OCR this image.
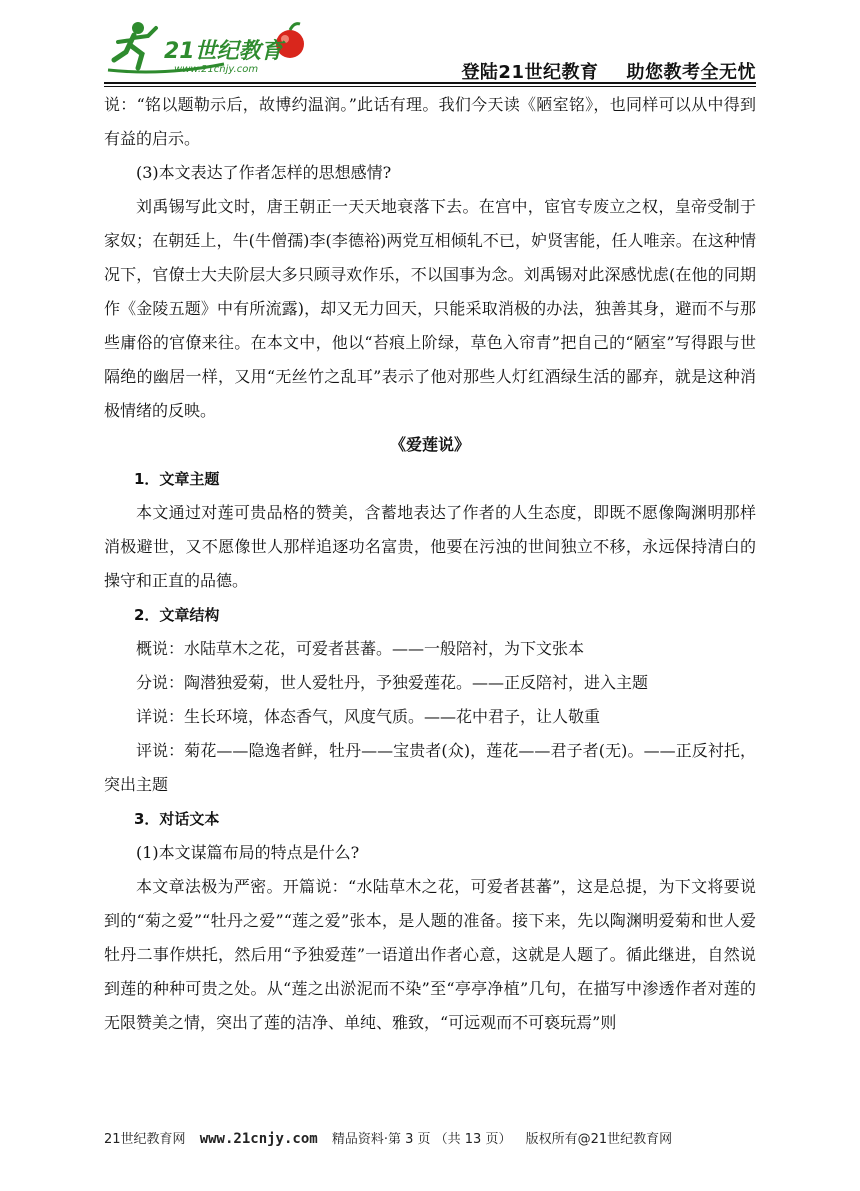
21世纪教育
www.21cnjy.com	登陆21世纪教育 助您教考全无忧

说：“铭以题勒示后，故博约温润。”此话有理。我们今天读《陋室铭》，也同样可以从中得到有益的启示。

(3)本文表达了作者怎样的思想感情?

刘禹锡写此文时，唐王朝正一天天地衰落下去。在宫中，宦官专废立之权，皇帝受制于家奴；在朝廷上，牛(牛僧孺)李(李德裕)两党互相倾轧不已，妒贤害能，任人唯亲。在这种情况下，官僚士大夫阶层大多只顾寻欢作乐，不以国事为念。刘禹锡对此深感忧虑(在他的同期作《金陵五题》中有所流露)，却又无力回天，只能采取消极的办法，独善其身，避而不与那些庸俗的官僚来往。在本文中，他以“苔痕上阶绿，草色入帘青”把自己的“陋室”写得跟与世隔绝的幽居一样，又用“无丝竹之乱耳”表示了他对那些人灯红酒绿生活的鄙弃，就是这种消极情绪的反映。

《爱莲说》

1．文章主题

本文通过对莲可贵品格的赞美，含蓄地表达了作者的人生态度，即既不愿像陶渊明那样消极避世，又不愿像世人那样追逐功名富贵，他要在污浊的世间独立不移，永远保持清白的操守和正直的品德。

2．文章结构

概说：水陆草木之花，可爱者甚蕃。——一般陪衬，为下文张本

分说：陶潜独爱菊，世人爱牡丹，予独爱莲花。——正反陪衬，进入主题

详说：生长环境，体态香气，风度气质。——花中君子，让人敬重

评说：菊花——隐逸者鲜，牡丹——宝贵者(众)，莲花——君子者(无)。——正反衬托，突出主题

3．对话文本

(1)本文谋篇布局的特点是什么?

本文章法极为严密。开篇说：“水陆草木之花，可爱者甚蕃”，这是总提，为下文将要说到的“菊之爱”“牡丹之爱”“莲之爱”张本，是人题的准备。接下来，先以陶渊明爱菊和世人爱牡丹二事作烘托，然后用“予独爱莲”一语道出作者心意，这就是人题了。循此继进，自然说到莲的种种可贵之处。从“莲之出淤泥而不染”至“亭亭净植”几句，在描写中渗透作者对莲的无限赞美之情，突出了莲的洁净、单纯、雅致，“可远观而不可亵玩焉”则

21世纪教育网 www.21cnjy.com 精品资料·第 3 页 （共 13 页） 版权所有@21世纪教育网
